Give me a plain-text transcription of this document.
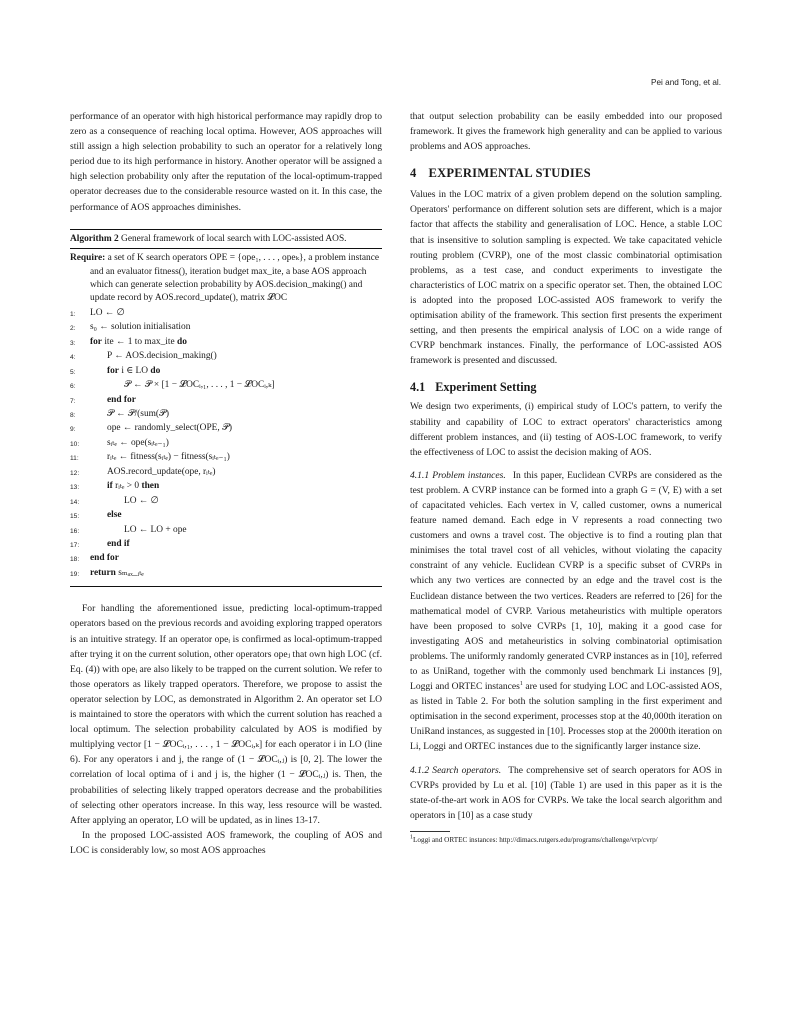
Pei and Tong, et al.

performance of an operator with high historical performance may rapidly drop to zero as a consequence of reaching local optima. However, AOS approaches will still assign a high selection probability to such an operator for a relatively long period due to its high performance in history. Another operator will be assigned a high selection probability only after the reputation of the local-optimum-trapped operator decreases due to the considerable resource wasted on it. In this case, the performance of AOS approaches diminishes.

Algorithm 2 General framework of local search with LOC-assisted AOS.
Require: a set of K search operators OPE = {ope₁, . . . , opeₖ}, a problem instance and an evaluator fitness(), iteration budget max_ite, a base AOS approach which can generate selection probability by AOS.decision_making() and update record by AOS.record_update(), matrix 𝓛OC
1:	LO ← ∅
2:	s₀ ← solution initialisation
3:	for ite ← 1 to max_ite do
4:	P ← AOS.decision_making()
5:	for i ∈ LO do
6:	𝒫 ← 𝒫 × [1 − 𝓛OCᵢ,₁, . . . , 1 − 𝓛OCᵢ,ₖ]
7:	end for
8:	𝒫 ← 𝒫/(sum(𝒫)
9:	ope ← randomly_select(OPE, 𝒫)
10:	sᵢₜₑ ← ope(sᵢₜₑ₋₁)
11:	rᵢₜₑ ← fitness(sᵢₜₑ) − fitness(sᵢₜₑ₋₁)
12:	AOS.record_update(ope, rᵢₜₑ)
13:	if rᵢₜₑ > 0 then
14:	LO ← ∅
15:	else
16:	LO ← LO + ope
17:	end if
18:	end for
19:	return sₘₐₓ_ᵢₜₑ

For handling the aforementioned issue, predicting local-optimum-trapped operators based on the previous records and avoiding exploring trapped operators is an intuitive strategy. If an operator opeᵢ is confirmed as local-optimum-trapped after trying it on the current solution, other operators opeⱼ that own high LOC (cf. Eq. (4)) with opeᵢ are also likely to be trapped on the current solution. We refer to those operators as likely trapped operators. Therefore, we propose to assist the operator selection by LOC, as demonstrated in Algorithm 2. An operator set LO is maintained to store the operators with which the current solution has reached a local optimum. The selection probability calculated by AOS is modified by multiplying vector [1 − 𝓛OCᵢ,₁, . . . , 1 − 𝓛OCᵢ,ₖ] for each operator i in LO (line 6). For any operators i and j, the range of (1 − 𝓛OCᵢ,ⱼ) is [0, 2]. The lower the correlation of local optima of i and j is, the higher (1 − 𝓛OCᵢ,ⱼ) is. Then, the probabilities of selecting likely trapped operators decrease and the probabilities of selecting other operators increase. In this way, less resource will be wasted. After applying an operator, LO will be updated, as in lines 13-17.

In the proposed LOC-assisted AOS framework, the coupling of AOS and LOC is considerably low, so most AOS approaches

that output selection probability can be easily embedded into our proposed framework. It gives the framework high generality and can be applied to various problems and AOS approaches.

4 EXPERIMENTAL STUDIES

Values in the LOC matrix of a given problem depend on the solution sampling. Operators' performance on different solution sets are different, which is a major factor that affects the stability and generalisation of LOC. Hence, a stable LOC that is insensitive to solution sampling is expected. We take capacitated vehicle routing problem (CVRP), one of the most classic combinatorial optimisation problems, as a test case, and conduct experiments to investigate the characteristics of LOC matrix on a specific operator set. Then, the obtained LOC is adopted into the proposed LOC-assisted AOS framework to verify the optimisation ability of the framework. This section first presents the experiment setting, and then presents the empirical analysis of LOC on a wide range of CVRP benchmark instances. Finally, the performance of LOC-assisted AOS framework is presented and discussed.

4.1 Experiment Setting

We design two experiments, (i) empirical study of LOC's pattern, to verify the stability and capability of LOC to extract operators' characteristics among different problem instances, and (ii) testing of AOS-LOC framework, to verify the effectiveness of LOC to assist the decision making of AOS.

4.1.1 Problem instances. In this paper, Euclidean CVRPs are considered as the test problem. A CVRP instance can be formed into a graph G = (V, E) with a set of capacitated vehicles. Each vertex in V, called customer, owns a numerical feature named demand. Each edge in V represents a road connecting two customers and owns a travel cost. The objective is to find a routing plan that minimises the total travel cost of all vehicles, without violating the capacity constraint of any vehicle. Euclidean CVRP is a specific subset of CVRPs in which any two vertices are connected by an edge and the travel cost is the Euclidean distance between the two vertices. Readers are referred to [26] for the mathematical model of CVRP. Various metaheuristics with multiple operators have been proposed to solve CVRPs [1, 10], making it a good case for investigating AOS and metaheuristics in solving combinatorial optimisation problems. The uniformly randomly generated CVRP instances as in [10], referred to as UniRand, together with the commonly used benchmark Li instances [9], Loggi and ORTEC instances$^1$ are used for studying LOC and LOC-assisted AOS, as listed in Table 2. For both the solution sampling in the first experiment and optimisation in the second experiment, processes stop at the 40,000th iteration on UniRand instances, as suggested in [10]. Processes stop at the 2000th iteration on Li, Loggi and ORTEC instances due to the significantly larger instance size.

4.1.2 Search operators. The comprehensive set of search operators for AOS in CVRPs provided by Lu et al. [10] (Table 1) are used in this paper as it is the state-of-the-art work in AOS for CVRPs. We take the local search algorithm and operators in [10] as a case study

$^1$Loggi and ORTEC instances: http://dimacs.rutgers.edu/programs/challenge/vrp/cvrp/
